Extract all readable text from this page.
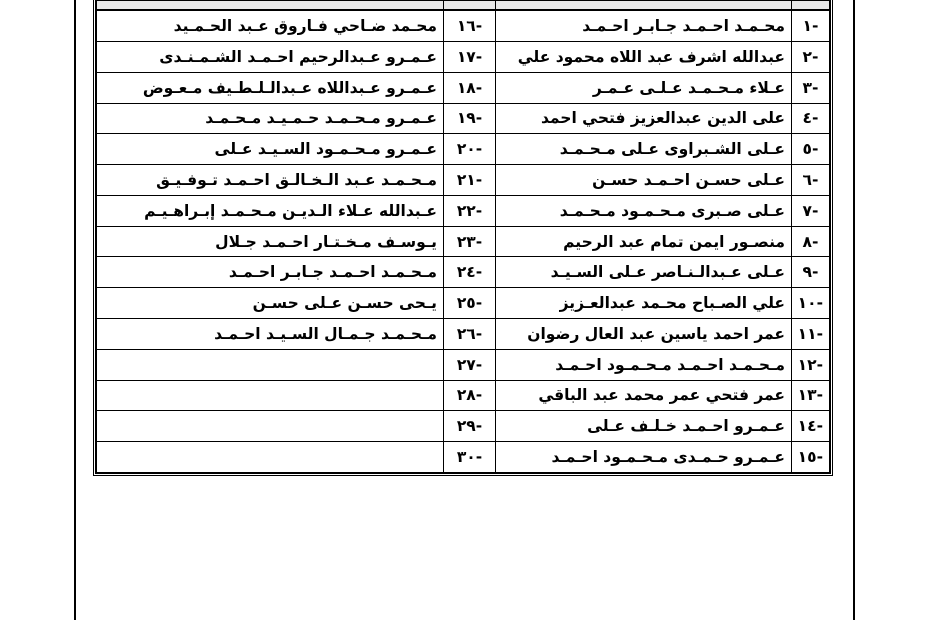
-١	محـمـد احـمـد جـابـر احـمـد	-١٦	محـمد ضـاحي فـاروق عـبد الحـمـيد
-٢	عبدالله اشرف عبد اللاه محمود علي	-١٧	عـمـرو عـبدالرحيم احـمـد الشـمـنـدى
-٣	عـلاء مـحـمـد عـلـى عـمـر	-١٨	عـمـرو عـبداللاه عـبدالـلـطـيف مـعـوض
-٤	على الدين عبدالعزيز فتحي احمد	-١٩	عـمـرو مـحـمـد حـمـيـد مـحـمـد
-٥	عـلى الشـبراوى عـلى مـحـمـد	-٢٠	عـمـرو مـحـمـود السـيـد عـلى
-٦	عـلى حسـن احـمـد حسـن	-٢١	مـحـمـد عـبد الـخـالـق احـمـد تـوفـيـق
-٧	عـلى صـبرى مـحـمـود مـحـمـد	-٢٢	عـبدالله عـلاء الـديـن مـحـمـد إبـراهـيـم
-٨	منصـور ايمن تمام عبد الرحيم	-٢٣	يـوسـف مـخـتـار احـمـد جـلال
-٩	عـلى عـبدالـنـاصر عـلى السـيـد	-٢٤	مـحـمـد احـمـد جـابـر احـمـد
-١٠	علي الصـباح محـمد عبدالعـزيز	-٢٥	يـحى حسـن عـلى حسـن
-١١	عمر احمد ياسين عبد العال رضوان	-٢٦	مـحـمـد جـمـال السـيـد احـمـد
-١٢	مـحـمـد احـمـد مـحـمـود احـمـد	-٢٧	
-١٣	عمر فتحي عمر محمد عبد الباقي	-٢٨	
-١٤	عـمـرو احـمـد خـلـف عـلى	-٢٩	
-١٥	عـمـرو حـمـدى مـحـمـود احـمـد	-٣٠	
